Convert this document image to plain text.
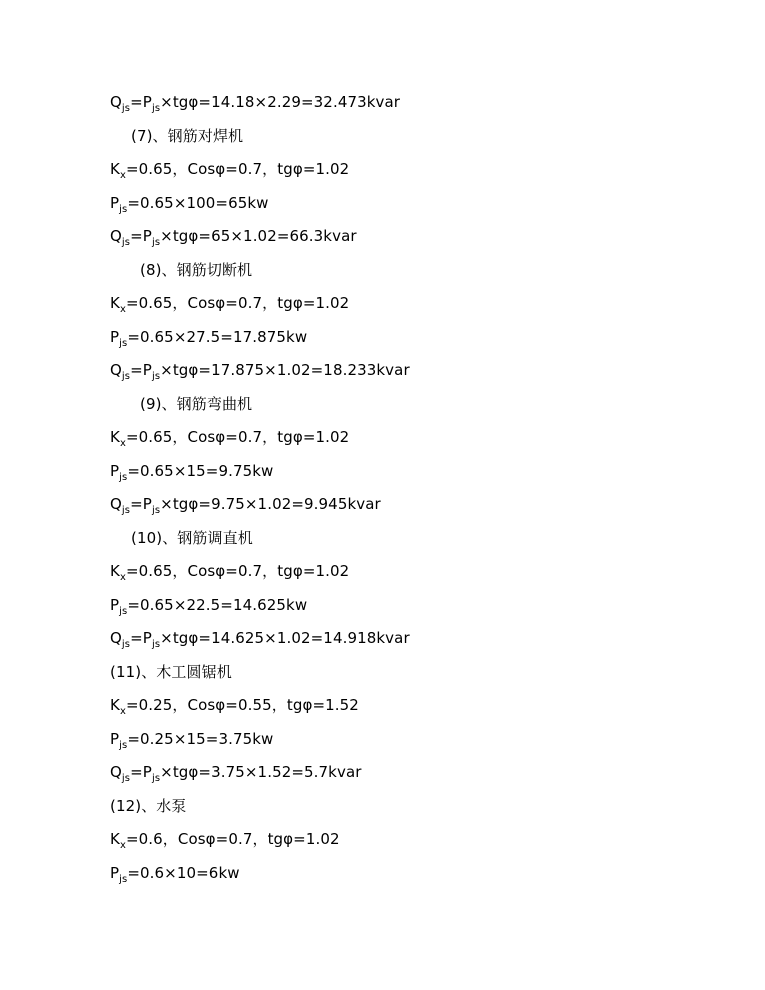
$Q_{js}=P_{js}\times tg\varphi=14.18\times 2.29=32.473kvar$
(7)、钢筋对焊机
$K_x=0.65$，Cosφ=0.7，tgφ=1.02
$P_{js}=0.65\times 100=65kw$
$Q_{js}=P_{js}\times tg\varphi=65\times 1.02=66.3kvar$
(8)、钢筋切断机
$K_x=0.65$，Cosφ=0.7，tgφ=1.02
$P_{js}=0.65\times 27.5=17.875kw$
$Q_{js}=P_{js}\times tg\varphi=17.875\times 1.02=18.233kvar$
(9)、钢筋弯曲机
$K_x=0.65$，Cosφ=0.7，tgφ=1.02
$P_{js}=0.65\times 15=9.75kw$
$Q_{js}=P_{js}\times tg\varphi=9.75\times 1.02=9.945kvar$
(10)、钢筋调直机
$K_x=0.65$，Cosφ=0.7，tgφ=1.02
$P_{js}=0.65\times 22.5=14.625kw$
$Q_{js}=P_{js}\times tg\varphi=14.625\times 1.02=14.918kvar$
(11)、木工圆锯机
$K_x=0.25$，Cosφ=0.55，tgφ=1.52
$P_{js}=0.25\times 15=3.75kw$
$Q_{js}=P_{js}\times tg\varphi=3.75\times 1.52=5.7kvar$
(12)、水泵
$K_x=0.6$，Cosφ=0.7，tgφ=1.02
$P_{js}=0.6\times 10=6kw$
